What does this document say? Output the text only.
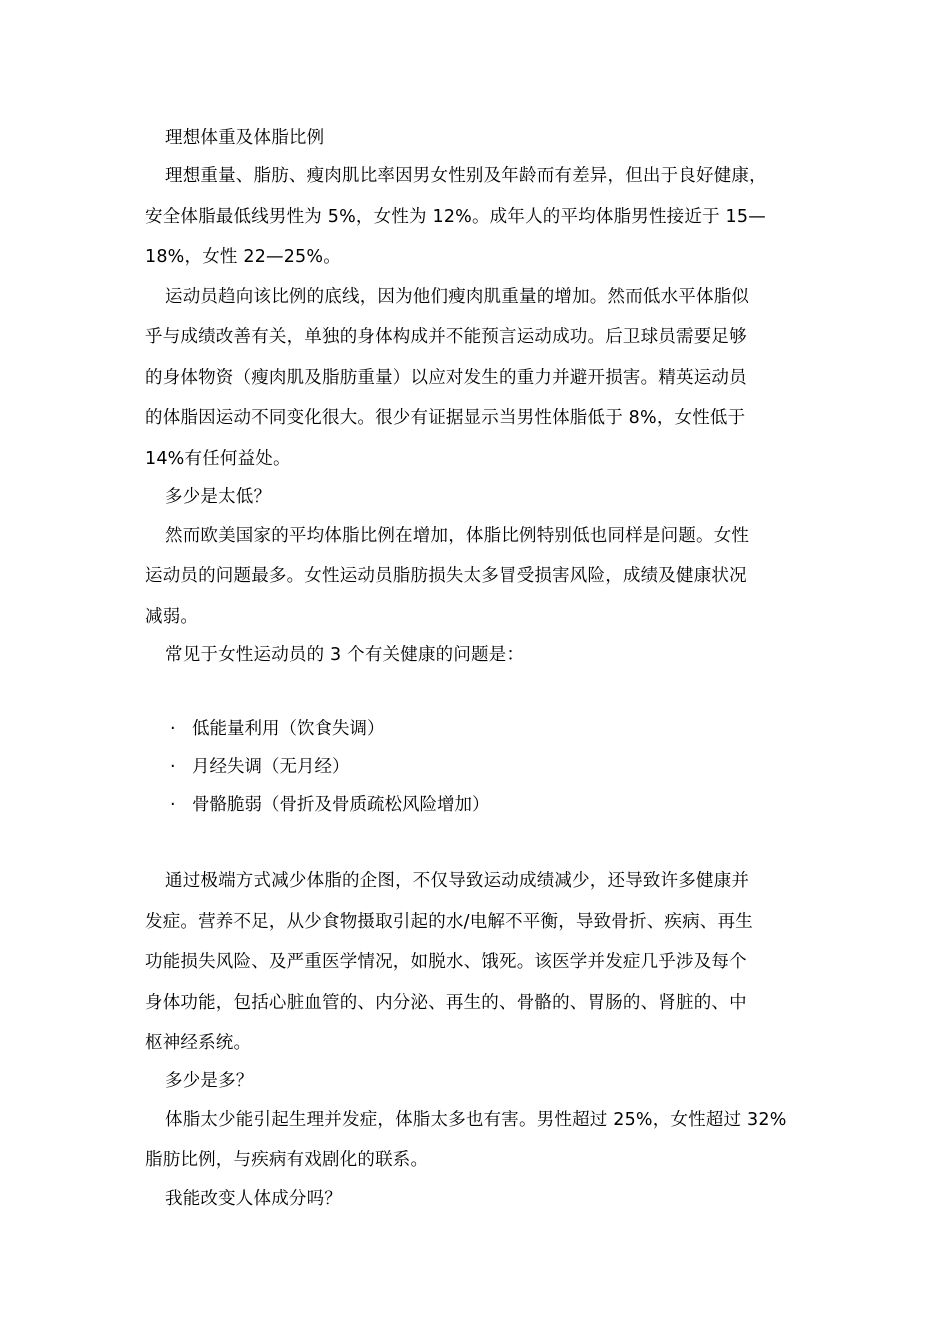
理想体重及体脂比例
理想重量、脂肪、瘦肉肌比率因男女性别及年龄而有差异，但出于良好健康，
安全体脂最低线男性为 5%，女性为 12%。成年人的平均体脂男性接近于 15—
18%，女性 22—25%。
运动员趋向该比例的底线，因为他们瘦肉肌重量的增加。然而低水平体脂似
乎与成绩改善有关，单独的身体构成并不能预言运动成功。后卫球员需要足够
的身体物资（瘦肉肌及脂肪重量）以应对发生的重力并避开损害。精英运动员
的体脂因运动不同变化很大。很少有证据显示当男性体脂低于 8%，女性低于
14%有任何益处。
多少是太低？
然而欧美国家的平均体脂比例在增加，体脂比例特别低也同样是问题。女性
运动员的问题最多。女性运动员脂肪损失太多冒受损害风险，成绩及健康状况
减弱。
常见于女性运动员的 3 个有关健康的问题是：
· 低能量利用（饮食失调）
· 月经失调（无月经）
· 骨骼脆弱（骨折及骨质疏松风险增加）
通过极端方式减少体脂的企图，不仅导致运动成绩减少，还导致许多健康并
发症。营养不足，从少食物摄取引起的水/电解不平衡，导致骨折、疾病、再生
功能损失风险、及严重医学情况，如脱水、饿死。该医学并发症几乎涉及每个
身体功能，包括心脏血管的、内分泌、再生的、骨骼的、胃肠的、肾脏的、中
枢神经系统。
多少是多？
体脂太少能引起生理并发症，体脂太多也有害。男性超过 25%，女性超过 32%
脂肪比例，与疾病有戏剧化的联系。
我能改变人体成分吗？
